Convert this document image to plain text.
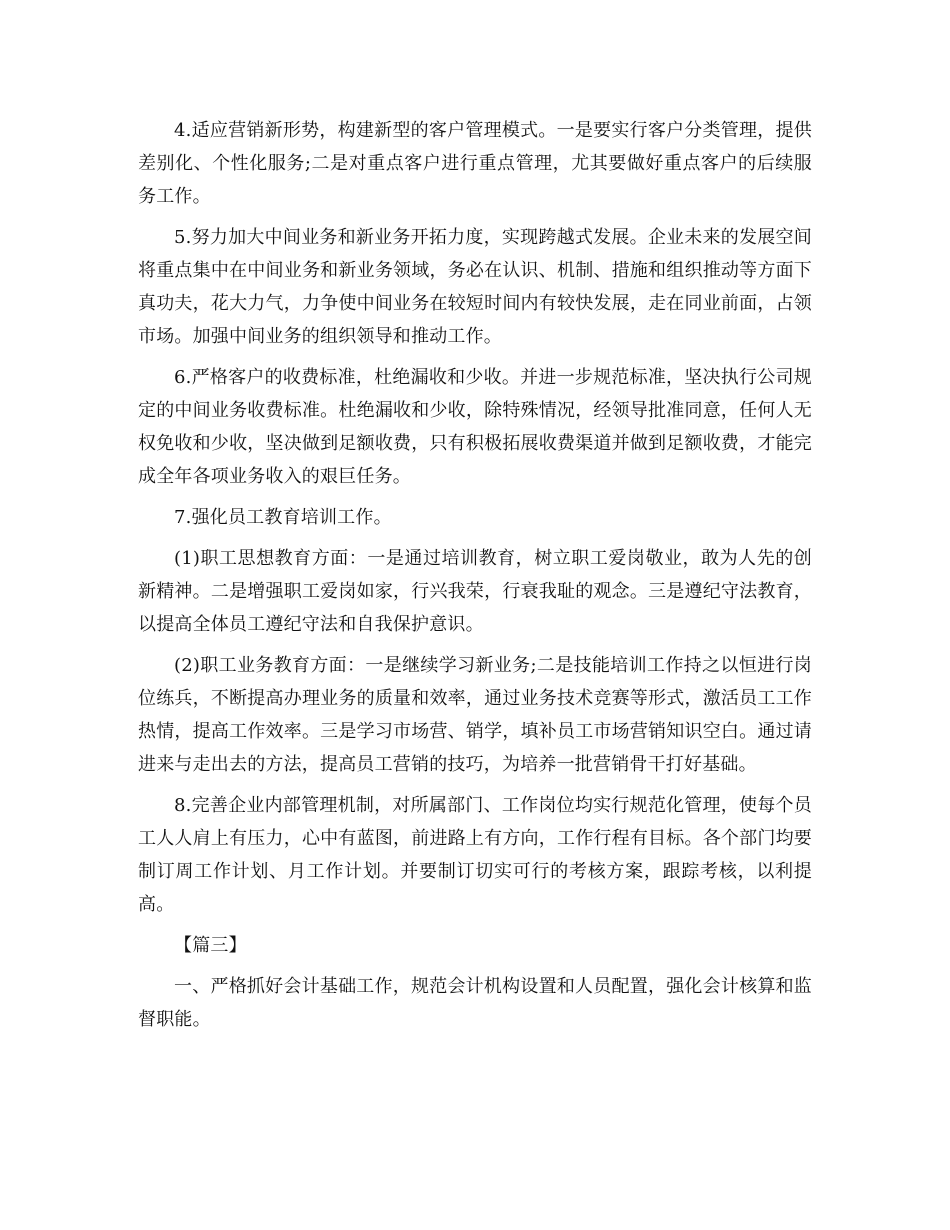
4.适应营销新形势，构建新型的客户管理模式。一是要实行客户分类管理，提供差别化、个性化服务;二是对重点客户进行重点管理，尤其要做好重点客户的后续服务工作。

5.努力加大中间业务和新业务开拓力度，实现跨越式发展。企业未来的发展空间将重点集中在中间业务和新业务领域，务必在认识、机制、措施和组织推动等方面下真功夫，花大力气，力争使中间业务在较短时间内有较快发展，走在同业前面，占领市场。加强中间业务的组织领导和推动工作。

6.严格客户的收费标准，杜绝漏收和少收。并进一步规范标准，坚决执行公司规定的中间业务收费标准。杜绝漏收和少收，除特殊情况，经领导批准同意，任何人无权免收和少收，坚决做到足额收费，只有积极拓展收费渠道并做到足额收费，才能完成全年各项业务收入的艰巨任务。

7.强化员工教育培训工作。

(1)职工思想教育方面：一是通过培训教育，树立职工爱岗敬业，敢为人先的创新精神。二是增强职工爱岗如家，行兴我荣，行衰我耻的观念。三是遵纪守法教育，以提高全体员工遵纪守法和自我保护意识。

(2)职工业务教育方面：一是继续学习新业务;二是技能培训工作持之以恒进行岗位练兵，不断提高办理业务的质量和效率，通过业务技术竞赛等形式，激活员工工作热情，提高工作效率。三是学习市场营、销学，填补员工市场营销知识空白。通过请进来与走出去的方法，提高员工营销的技巧，为培养一批营销骨干打好基础。

8.完善企业内部管理机制，对所属部门、工作岗位均实行规范化管理，使每个员工人人肩上有压力，心中有蓝图，前进路上有方向，工作行程有目标。各个部门均要制订周工作计划、月工作计划。并要制订切实可行的考核方案，跟踪考核，以利提高。

【篇三】

一、严格抓好会计基础工作，规范会计机构设置和人员配置，强化会计核算和监督职能。
